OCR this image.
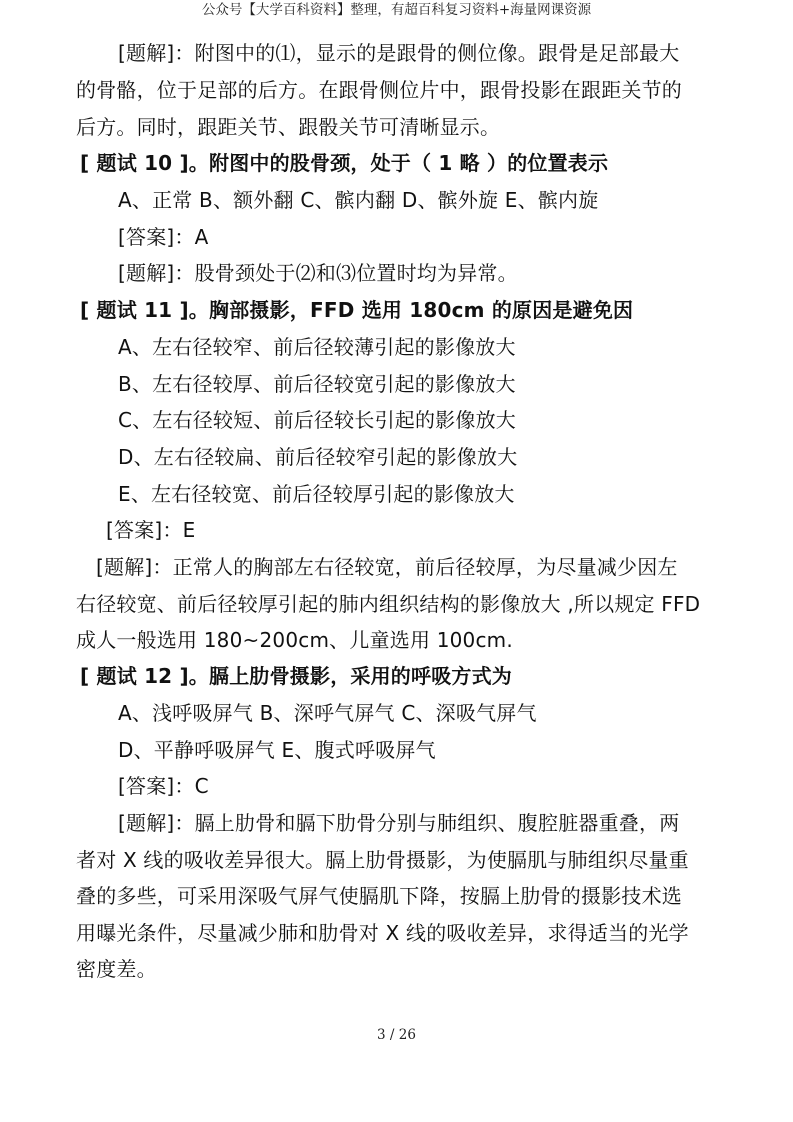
公众号【大学百科资料】整理，有超百科复习资料+海量网课资源
[题解]：附图中的⑴，显示的是跟骨的侧位像。跟骨是足部最大
的骨骼，位于足部的后方。在跟骨侧位片中，跟骨投影在跟距关节的
后方。同时，跟距关节、跟骰关节可清晰显示。
[ 题试 10 ]。附图中的股骨颈，处于（ 1 略 ）的位置表示
A、正常 B、额外翻 C、髌内翻 D、髌外旋 E、髌内旋
[答案]：A
[题解]：股骨颈处于⑵和⑶位置时均为异常。
[ 题试 11 ]。胸部摄影，FFD 选用 180cm 的原因是避免因
A、左右径较窄、前后径较薄引起的影像放大
B、左右径较厚、前后径较宽引起的影像放大
C、左右径较短、前后径较长引起的影像放大
D、左右径较扁、前后径较窄引起的影像放大
E、左右径较宽、前后径较厚引起的影像放大
[答案]：E
[题解]：正常人的胸部左右径较宽，前后径较厚，为尽量减少因左
右径较宽、前后径较厚引起的肺内组织结构的影像放大 ,所以规定 FFD
成人一般选用 180~200cm、儿童选用 100cm.
[ 题试 12 ]。膈上肋骨摄影，采用的呼吸方式为
A、浅呼吸屏气 B、深呼气屏气 C、深吸气屏气
D、平静呼吸屏气 E、腹式呼吸屏气
[答案]：C
[题解]：膈上肋骨和膈下肋骨分别与肺组织、腹腔脏器重叠，两
者对 X 线的吸收差异很大。膈上肋骨摄影，为使膈肌与肺组织尽量重
叠的多些，可采用深吸气屏气使膈肌下降，按膈上肋骨的摄影技术选
用曝光条件，尽量减少肺和肋骨对 X 线的吸收差异，求得适当的光学
密度差。
3 / 26
